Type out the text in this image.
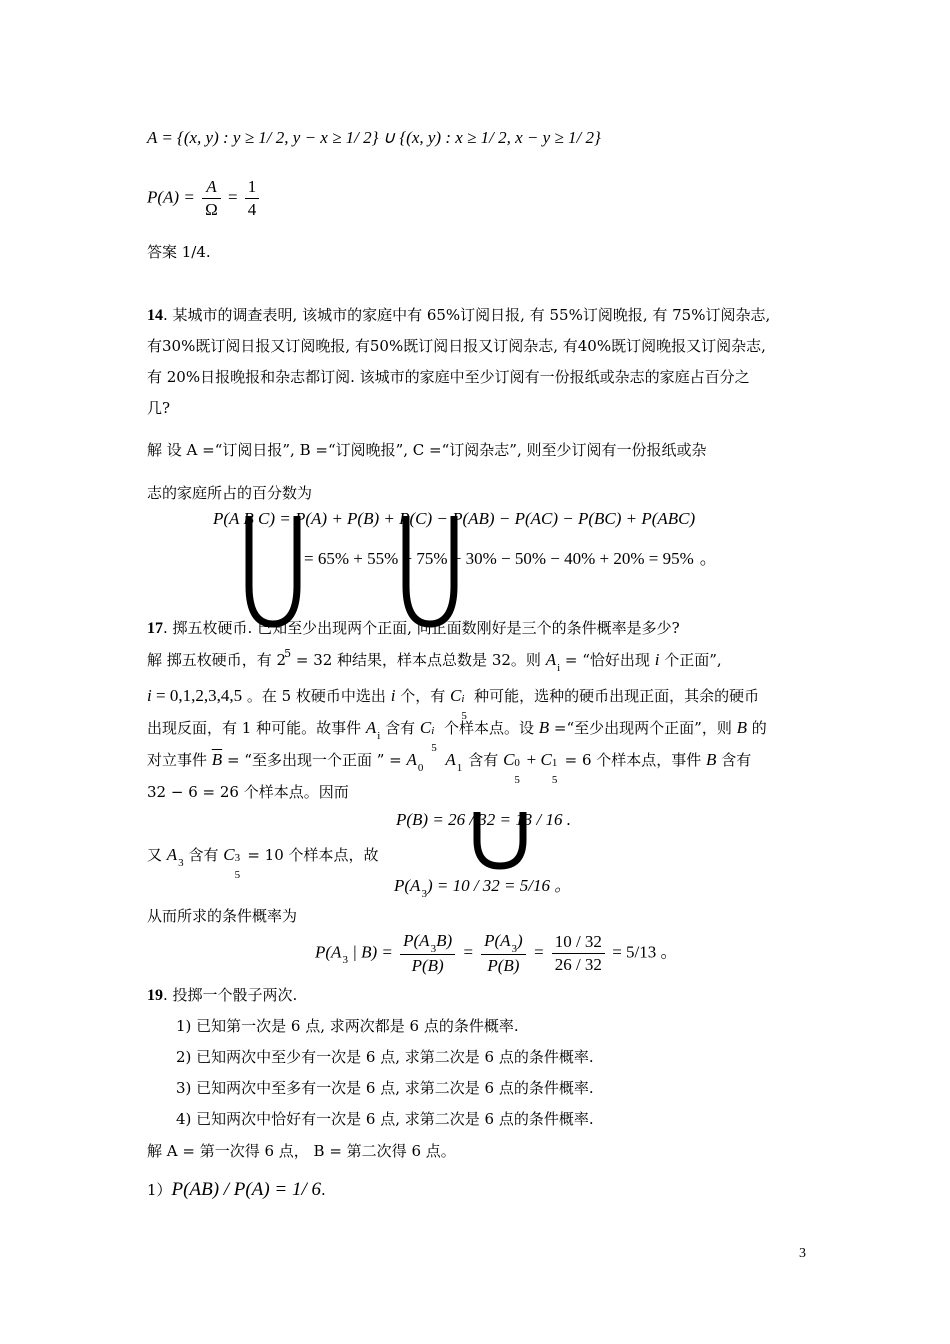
A = {(x, y) : y ≥ 1/ 2, y − x ≥ 1/ 2} ∪ {(x, y) : x ≥ 1/ 2, x − y ≥ 1/ 2}
$P(A) = \frac{A}{\Omega} = \frac{1}{4}$
答案 1/4.
14. 某城市的调查表明, 该城市的家庭中有 65%订阅日报, 有 55%订阅晚报, 有 75%订阅杂志,
有30%既订阅日报又订阅晚报, 有50%既订阅日报又订阅杂志, 有40%既订阅晚报又订阅杂志,
有 20%日报晚报和杂志都订阅. 该城市的家庭中至少订阅有一份报纸或杂志的家庭占百分之
几?
解 设 A =“订阅日报”, B =“订阅晚报”, C =“订阅杂志”, 则至少订阅有一份报纸或杂
志的家庭所占的百分数为
P(A B C) = P(A) + P(B) + P(C) − P(AB) − P(AC) − P(BC) + P(ABC)
= 65% + 55% + 75% − 30% − 50% − 40% + 20% = 95% 。
17. 掷五枚硬币. 已知至少出现两个正面, 问正面数刚好是三个的条件概率是多少?
解 掷五枚硬币，有 $2^5 = 32$ 种结果，样本点总数是 32。则 $A_i$ = “恰好出现 i 个正面”,
i = 0,1,2,3,4,5 。在 5 枚硬币中选出 i 个，有 C i
5
种可能，选种的硬币出现正面，其余的硬币
出现反面，有 1 种可能。故事件 $A_i$ 含有 C i
5
个样本点。设 B =“至少出现两个正面”，则 B 的
对立事件 $\overline{B}$ = “至多出现一个正面 ” = $A_0$ $A_1$ 含有 C 0
5
+ C 1
5
= 6 个样本点，事件 B 含有
32 − 6 = 26 个样本点。因而
P(B) = 26 / 32 = 13 / 16 .
又 $A_3$ 含有 C 3
5
= 10 个样本点，故
$P(A_3) = 10 / 32 = 5/16$ 。
从而所求的条件概率为
$P(A_3$ | $B) = \frac{P(A_3B)}{P(B)} = \frac{P(A_3)}{P(B)} = \frac{10 / 32}{26 / 32} = 5/13$ 。
19. 投掷一个骰子两次.
1) 已知第一次是 6 点, 求两次都是 6 点的条件概率.
2) 已知两次中至少有一次是 6 点, 求第二次是 6 点的条件概率.
3) 已知两次中至多有一次是 6 点, 求第二次是 6 点的条件概率.
4) 已知两次中恰好有一次是 6 点, 求第二次是 6 点的条件概率.
解 A = 第一次得 6 点， B = 第二次得 6 点。
1）P(AB) / P(A) = 1/ 6.
3
